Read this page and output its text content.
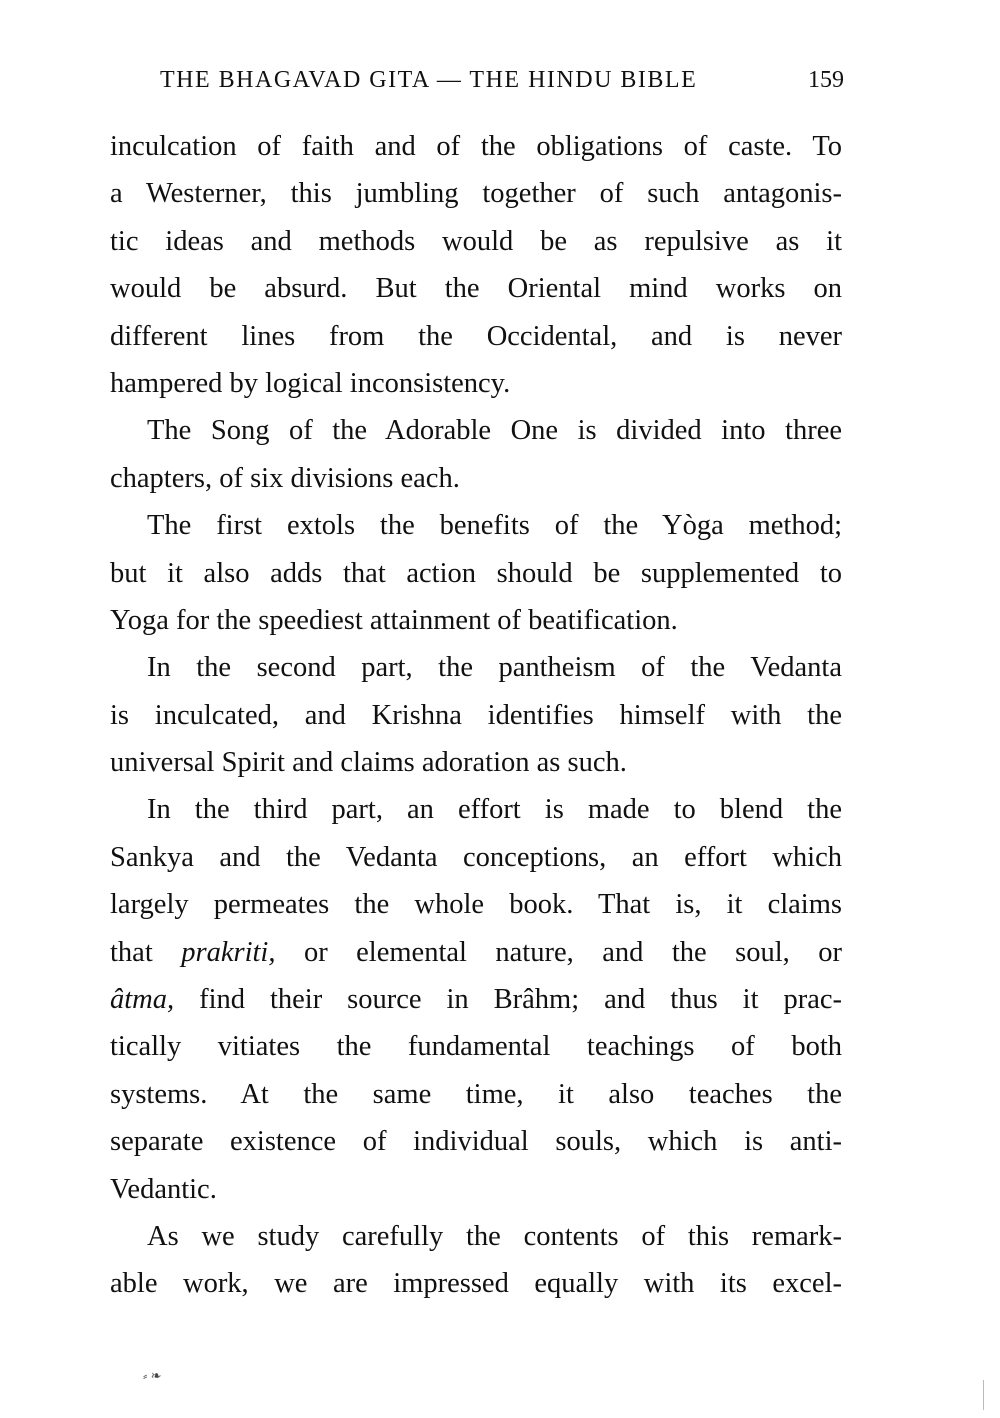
THE BHAGAVAD GITA — THE HINDU BIBLE	159
inculcation of faith and of the obligations of caste. To
a Westerner, this jumbling together of such antagonis-
tic ideas and methods would be as repulsive as it
would be absurd. But the Oriental mind works on
different lines from the Occidental, and is never
hampered by logical inconsistency.
The Song of the Adorable One is divided into three
chapters, of six divisions each.
The first extols the benefits of the Yòga method;
but it also adds that action should be supplemented to
Yoga for the speediest attainment of beatification.
In the second part, the pantheism of the Vedanta
is inculcated, and Krishna identifies himself with the
universal Spirit and claims adoration as such.
In the third part, an effort is made to blend the
Sankya and the Vedanta conceptions, an effort which
largely permeates the whole book. That is, it claims
that prakriti, or elemental nature, and the soul, or
âtma, find their source in Brâhm; and thus it prac-
tically vitiates the fundamental teachings of both
systems. At the same time, it also teaches the
separate existence of individual souls, which is anti-
Vedantic.
As we study carefully the contents of this remark-
able work, we are impressed equally with its excel-
⸗ ❧
